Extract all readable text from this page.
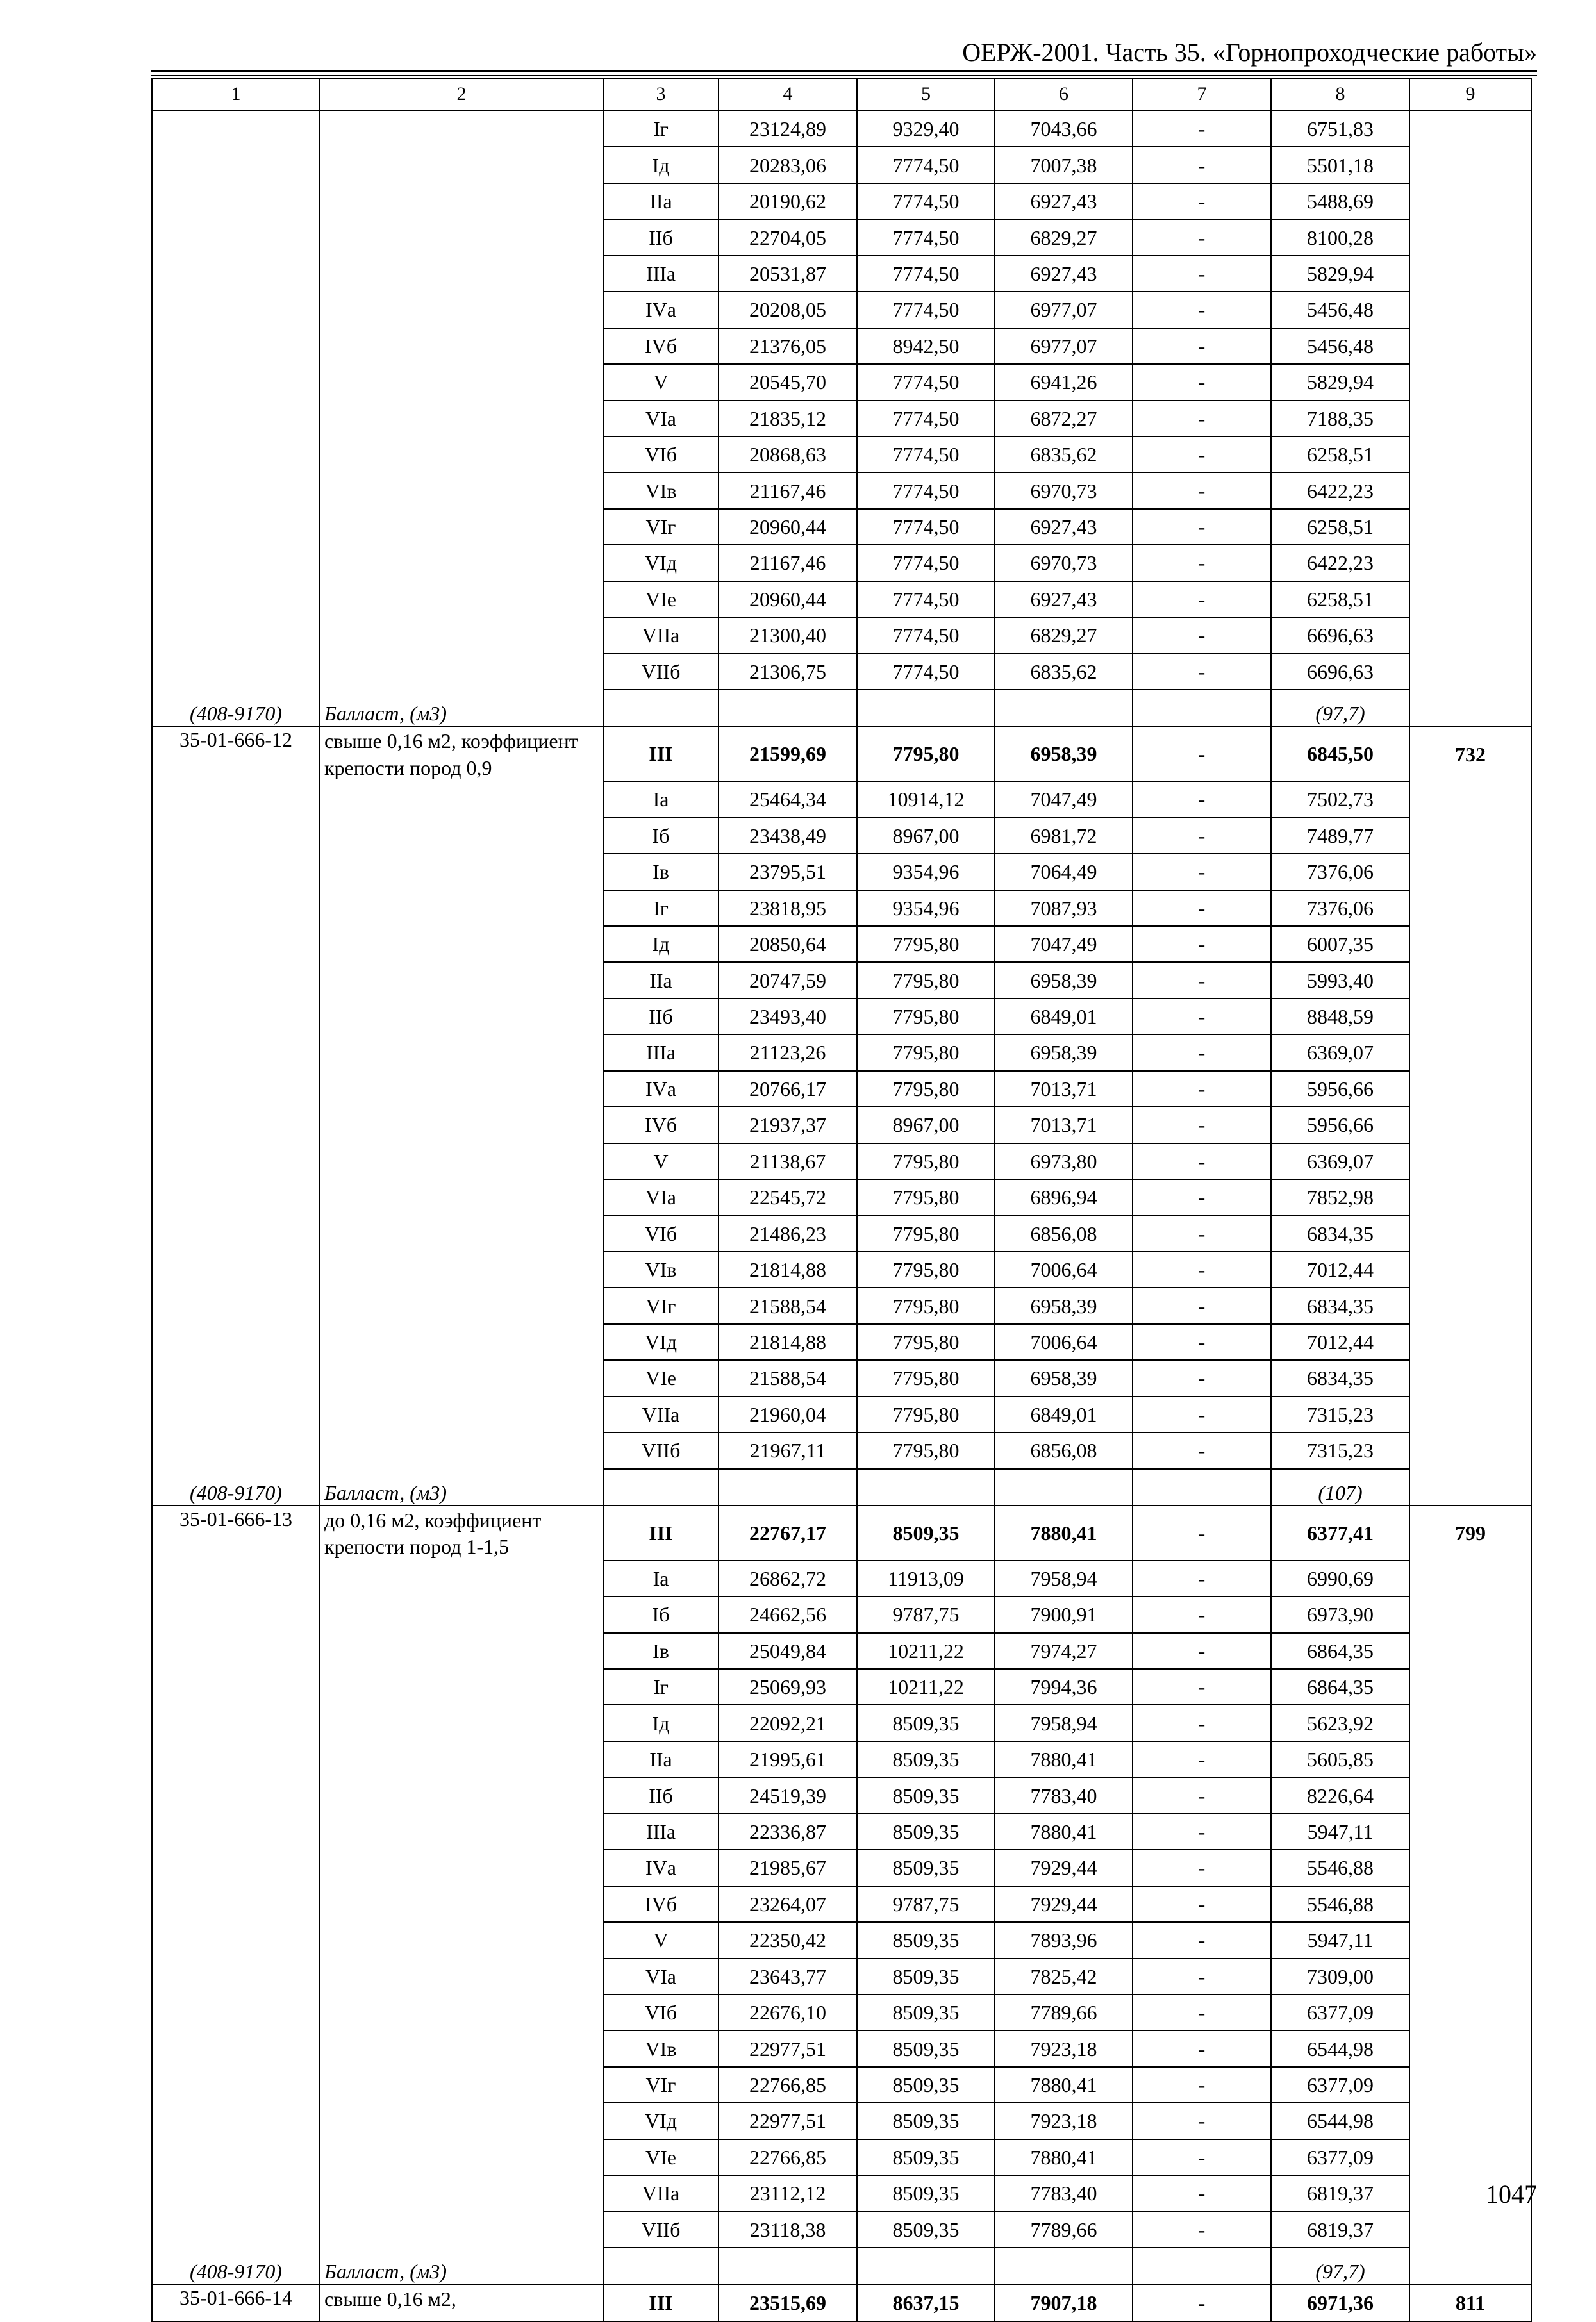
ОЕРЖ-2001. Часть 35. «Горнопроходческие работы»
1	2	3	4	5	6	7	8	9
		Iг	23124,89	9329,40	7043,66	-	6751,83	
		Iд	20283,06	7774,50	7007,38	-	5501,18	
		IIа	20190,62	7774,50	6927,43	-	5488,69	
		IIб	22704,05	7774,50	6829,27	-	8100,28	
		IIIа	20531,87	7774,50	6927,43	-	5829,94	
		IVа	20208,05	7774,50	6977,07	-	5456,48	
		IVб	21376,05	8942,50	6977,07	-	5456,48	
		V	20545,70	7774,50	6941,26	-	5829,94	
		VIа	21835,12	7774,50	6872,27	-	7188,35	
		VIб	20868,63	7774,50	6835,62	-	6258,51	
		VIв	21167,46	7774,50	6970,73	-	6422,23	
		VIг	20960,44	7774,50	6927,43	-	6258,51	
		VIд	21167,46	7774,50	6970,73	-	6422,23	
		VIе	20960,44	7774,50	6927,43	-	6258,51	
		VIIа	21300,40	7774,50	6829,27	-	6696,63	
		VIIб	21306,75	7774,50	6835,62	-	6696,63	
(408-9170)	Балласт, (м3)						(97,7)	
35-01-666-12	свыше 0,16 м2, коэффициент крепости пород 0,9	III	21599,69	7795,80	6958,39	-	6845,50	732
		Iа	25464,34	10914,12	7047,49	-	7502,73	
		Iб	23438,49	8967,00	6981,72	-	7489,77	
		Iв	23795,51	9354,96	7064,49	-	7376,06	
		Iг	23818,95	9354,96	7087,93	-	7376,06	
		Iд	20850,64	7795,80	7047,49	-	6007,35	
		IIа	20747,59	7795,80	6958,39	-	5993,40	
		IIб	23493,40	7795,80	6849,01	-	8848,59	
		IIIа	21123,26	7795,80	6958,39	-	6369,07	
		IVа	20766,17	7795,80	7013,71	-	5956,66	
		IVб	21937,37	8967,00	7013,71	-	5956,66	
		V	21138,67	7795,80	6973,80	-	6369,07	
		VIа	22545,72	7795,80	6896,94	-	7852,98	
		VIб	21486,23	7795,80	6856,08	-	6834,35	
		VIв	21814,88	7795,80	7006,64	-	7012,44	
		VIг	21588,54	7795,80	6958,39	-	6834,35	
		VIд	21814,88	7795,80	7006,64	-	7012,44	
		VIе	21588,54	7795,80	6958,39	-	6834,35	
		VIIа	21960,04	7795,80	6849,01	-	7315,23	
		VIIб	21967,11	7795,80	6856,08	-	7315,23	
(408-9170)	Балласт, (м3)						(107)	
35-01-666-13	до 0,16 м2, коэффициент крепости пород 1-1,5	III	22767,17	8509,35	7880,41	-	6377,41	799
		Iа	26862,72	11913,09	7958,94	-	6990,69	
		Iб	24662,56	9787,75	7900,91	-	6973,90	
		Iв	25049,84	10211,22	7974,27	-	6864,35	
		Iг	25069,93	10211,22	7994,36	-	6864,35	
		Iд	22092,21	8509,35	7958,94	-	5623,92	
		IIа	21995,61	8509,35	7880,41	-	5605,85	
		IIб	24519,39	8509,35	7783,40	-	8226,64	
		IIIа	22336,87	8509,35	7880,41	-	5947,11	
		IVа	21985,67	8509,35	7929,44	-	5546,88	
		IVб	23264,07	9787,75	7929,44	-	5546,88	
		V	22350,42	8509,35	7893,96	-	5947,11	
		VIа	23643,77	8509,35	7825,42	-	7309,00	
		VIб	22676,10	8509,35	7789,66	-	6377,09	
		VIв	22977,51	8509,35	7923,18	-	6544,98	
		VIг	22766,85	8509,35	7880,41	-	6377,09	
		VIд	22977,51	8509,35	7923,18	-	6544,98	
		VIе	22766,85	8509,35	7880,41	-	6377,09	
		VIIа	23112,12	8509,35	7783,40	-	6819,37	
		VIIб	23118,38	8509,35	7789,66	-	6819,37	
(408-9170)	Балласт, (м3)						(97,7)	
35-01-666-14	свыше 0,16 м2,	III	23515,69	8637,15	7907,18	-	6971,36	811
1047
